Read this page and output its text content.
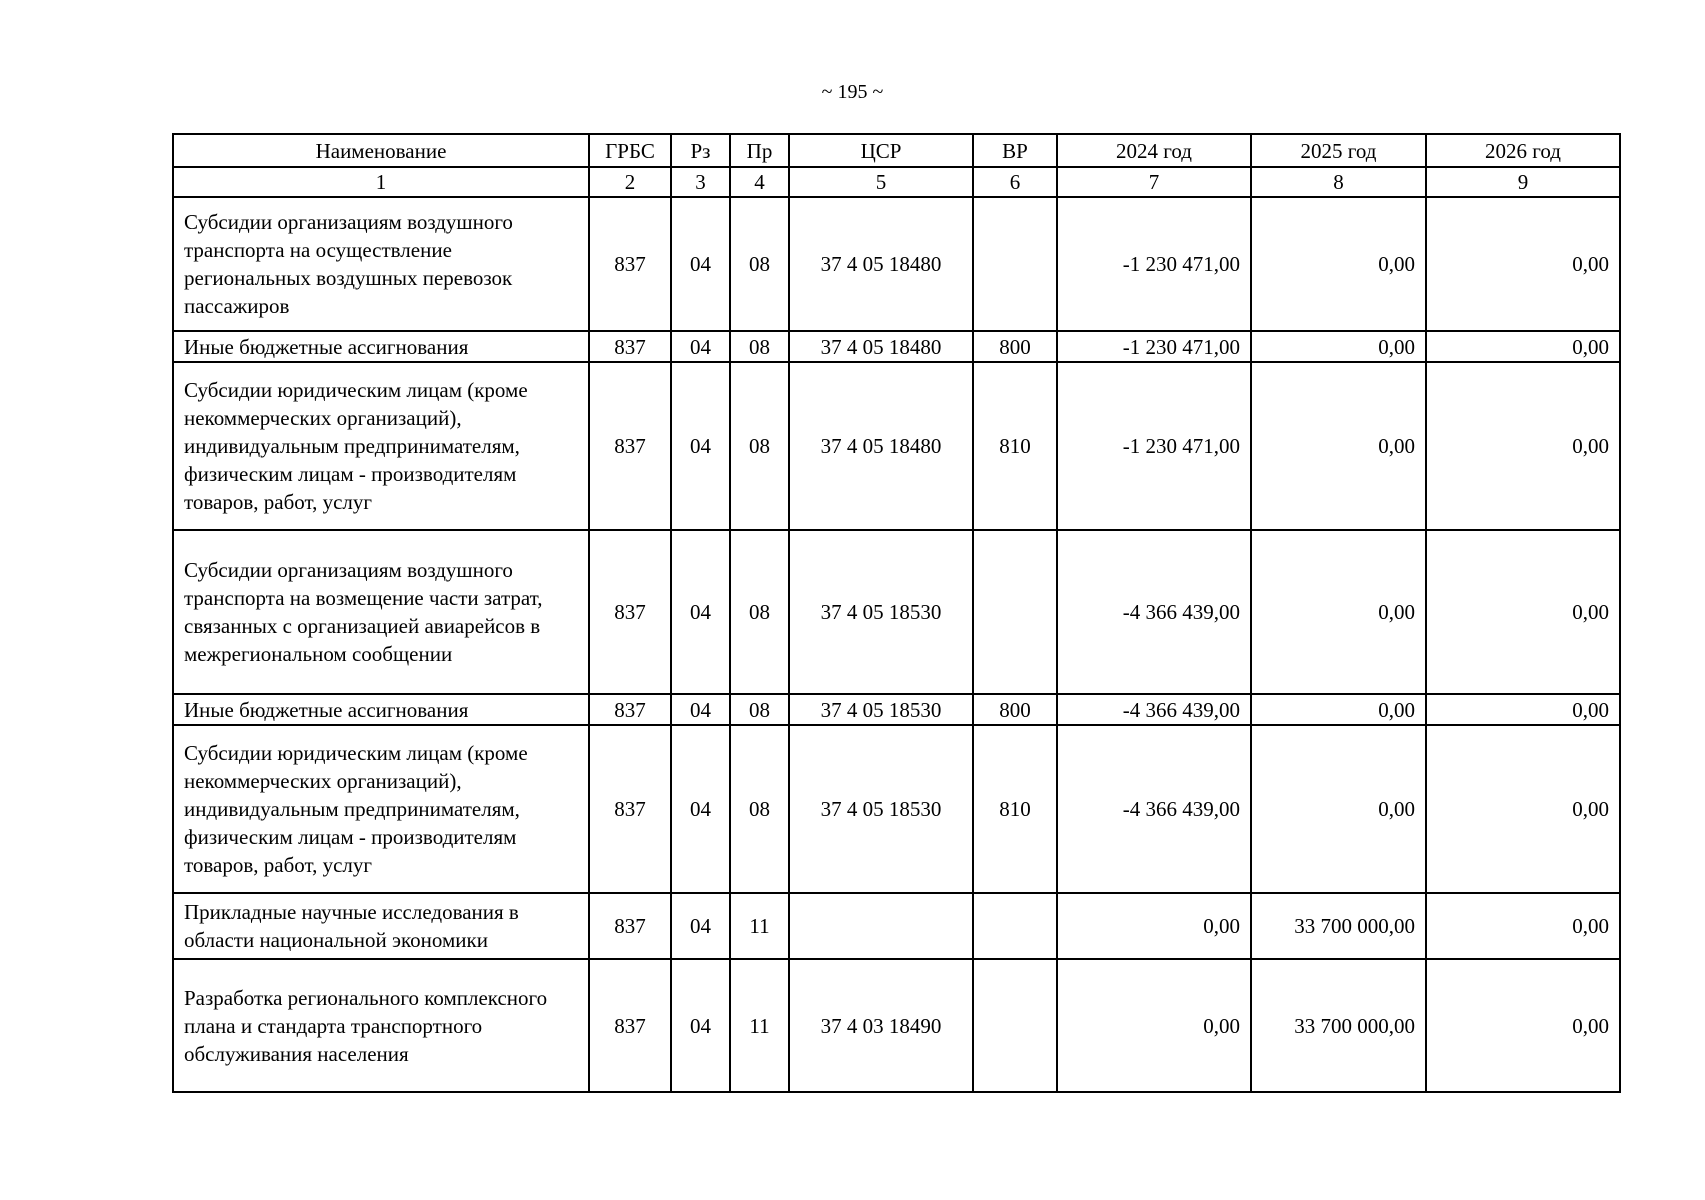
~ 195 ~
Наименование	ГРБС	Рз	Пр	ЦСР	ВР	2024 год	2025 год	2026 год
1	2	3	4	5	6	7	8	9
Субсидии организациям воздушного транспорта на осуществление региональных воздушных перевозок пассажиров	837	04	08	37 4 05 18480		-1 230 471,00	0,00	0,00
Иные бюджетные ассигнования	837	04	08	37 4 05 18480	800	-1 230 471,00	0,00	0,00
Субсидии юридическим лицам (кроме некоммерческих организаций), индивидуальным предпринимателям, физическим лицам - производителям товаров, работ, услуг	837	04	08	37 4 05 18480	810	-1 230 471,00	0,00	0,00
Субсидии организациям воздушного транспорта на возмещение части затрат, связанных с организацией авиарейсов в межрегиональном сообщении	837	04	08	37 4 05 18530		-4 366 439,00	0,00	0,00
Иные бюджетные ассигнования	837	04	08	37 4 05 18530	800	-4 366 439,00	0,00	0,00
Субсидии юридическим лицам (кроме некоммерческих организаций), индивидуальным предпринимателям, физическим лицам - производителям товаров, работ, услуг	837	04	08	37 4 05 18530	810	-4 366 439,00	0,00	0,00
Прикладные научные исследования в области национальной экономики	837	04	11			0,00	33 700 000,00	0,00
Разработка регионального комплексного плана и стандарта транспортного обслуживания населения	837	04	11	37 4 03 18490		0,00	33 700 000,00	0,00
